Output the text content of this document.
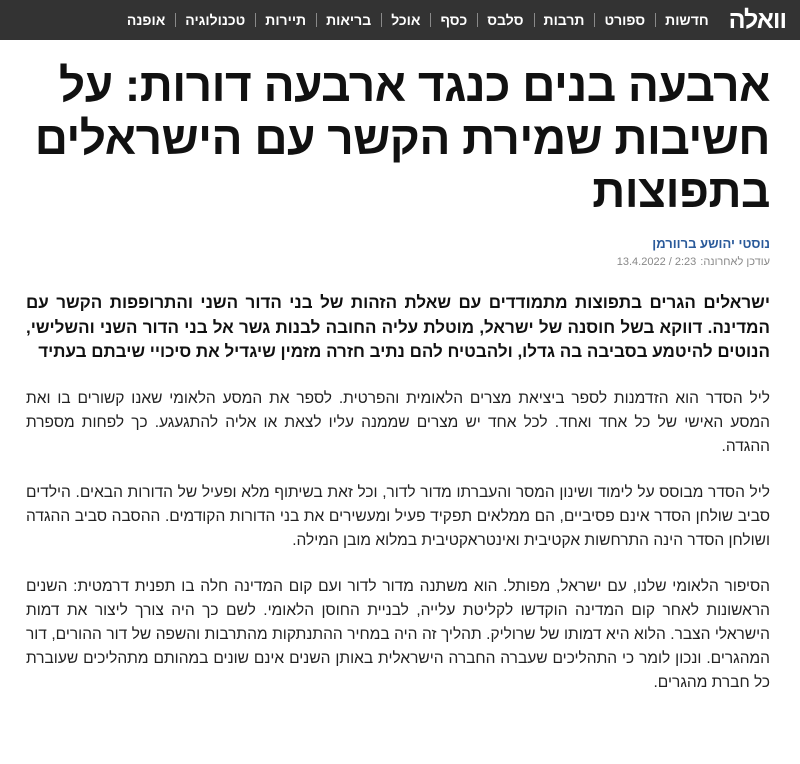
וואלה
חדשות
ספורט
תרבות
סלבס
כסף
אוכל
בריאות
תיירות
טכנולוגיה
אופנה
ארבעה בנים כנגד ארבעה דורות: על חשיבות שמירת הקשר עם הישראלים בתפוצות
נוסטי יהושע ברוורמן
עודכן לאחרונה:
13.4.2022 / 2:23

ישראלים הגרים בתפוצות מתמודדים עם שאלת הזהות של בני הדור השני והתרופפות הקשר עם המדינה. דווקא בשל חוסנה של ישראל, מוטלת עליה החובה לבנות גשר אל בני הדור השני והשלישי, הנוטים להיטמע בסביבה בה גדלו, ולהבטיח להם נתיב חזרה מזמין שיגדיל את סיכויי שיבתם בעתיד

ליל הסדר הוא הזדמנות לספר ביציאת מצרים הלאומית והפרטית. לספר את המסע הלאומי שאנו קשורים בו ואת המסע האישי של כל אחד ואחד. לכל אחד יש מצרים שממנה עליו לצאת או אליה להתגעגע. כך לפחות מספרת ההגדה.

ליל הסדר מבוסס על לימוד ושינון המסר והעברתו מדור לדור, וכל זאת בשיתוף מלא ופעיל של הדורות הבאים. הילדים סביב שולחן הסדר אינם פסיביים, הם ממלאים תפקיד פעיל ומעשירים את בני הדורות הקודמים. ההסבה סביב ההגדה ושולחן הסדר הינה התרחשות אקטיבית ואינטראקטיבית במלוא מובן המילה.

הסיפור הלאומי שלנו, עם ישראל, מפותל. הוא משתנה מדור לדור ועם קום המדינה חלה בו תפנית דרמטית: השנים הראשונות לאחר קום המדינה הוקדשו לקליטת עלייה, לבניית החוסן הלאומי. לשם כך היה צורך ליצור את דמות הישראלי הצבר. הלוא היא דמותו של שרוליק. תהליך זה היה במחיר ההתנתקות מהתרבות והשפה של דור ההורים, דור המהגרים. ונכון לומר כי התהליכים שעברה החברה הישראלית באותן השנים אינם שונים במהותם מתהליכים שעוברת כל חברת מהגרים.
